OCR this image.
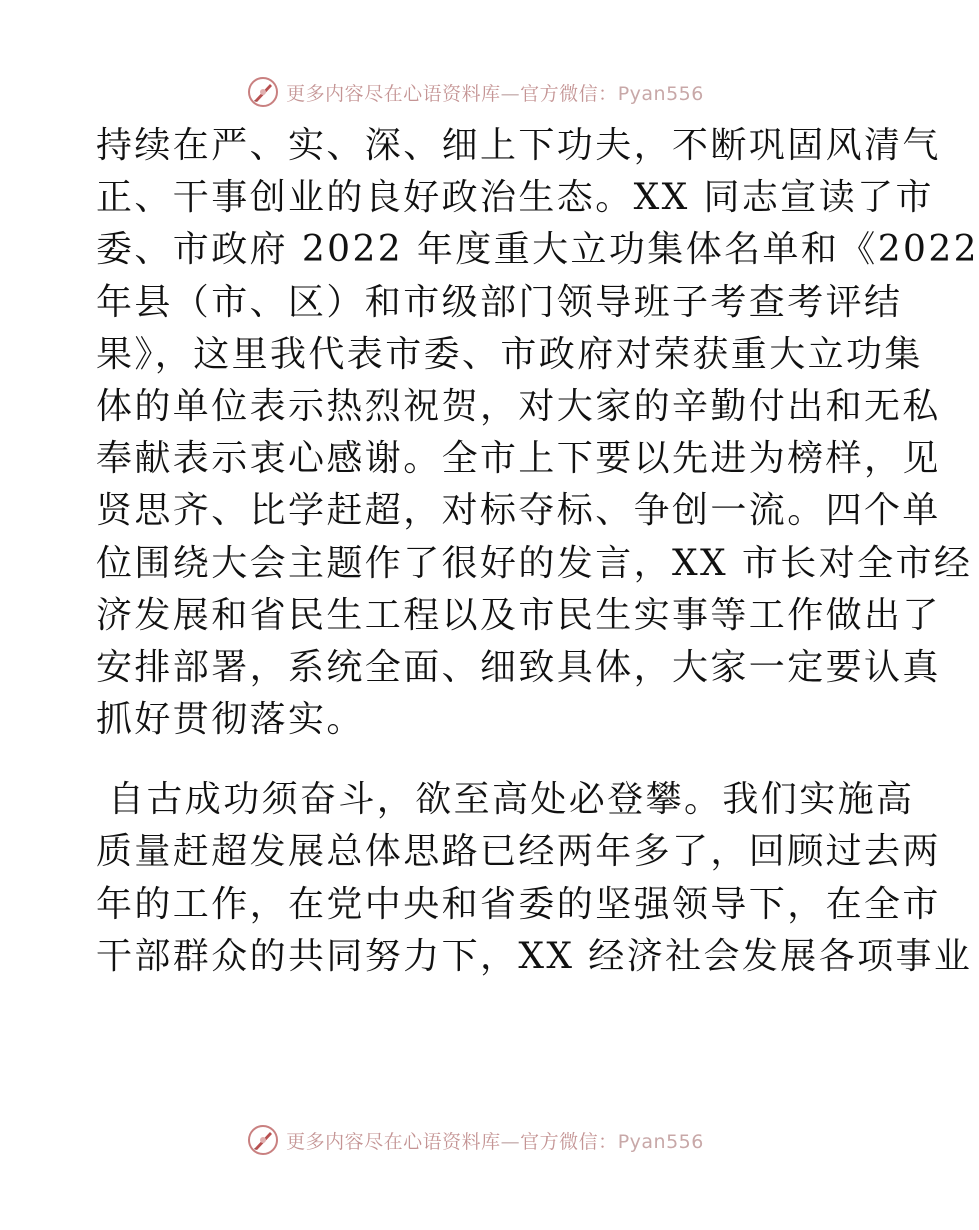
更多内容尽在心语资料库—官方微信：Pyan556
持续在严、实、深、细上下功夫，不断巩固风清气
正、干事创业的良好政治生态。XX 同志宣读了市
委、市政府 2022 年度重大立功集体名单和《2022
年县（市、区）和市级部门领导班子考查考评结
果》，这里我代表市委、市政府对荣获重大立功集
体的单位表示热烈祝贺，对大家的辛勤付出和无私
奉献表示衷心感谢。全市上下要以先进为榜样，见
贤思齐、比学赶超，对标夺标、争创一流。四个单
位围绕大会主题作了很好的发言，XX 市长对全市经
济发展和省民生工程以及市民生实事等工作做出了
安排部署，系统全面、细致具体，大家一定要认真
抓好贯彻落实。
自古成功须奋斗，欲至高处必登攀。我们实施高
质量赶超发展总体思路已经两年多了，回顾过去两
年的工作，在党中央和省委的坚强领导下，在全市
干部群众的共同努力下，XX 经济社会发展各项事业
更多内容尽在心语资料库—官方微信：Pyan556
